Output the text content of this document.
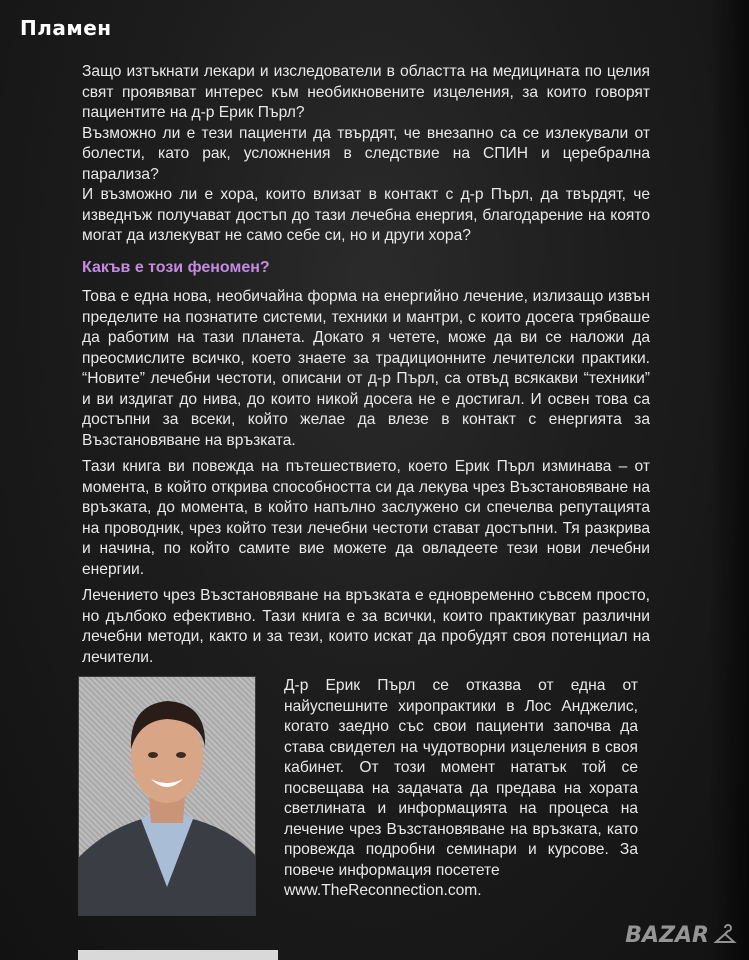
Пламен

Защо изтъкнати лекари и изследователи в областта на медицината по целия свят проявяват интерес към необикновените изцеления, за които говорят пациентите на д-р Ерик Пърл?

Възможно ли е тези пациенти да твърдят, че внезапно са се излекували от болести, като рак, усложнения в следствие на СПИН и церебрална парализа?

И възможно ли е хора, които влизат в контакт с д-р Пърл, да твърдят, че изведнъж получават достъп до тази лечебна енергия, благодарение на която могат да излекуват не само себе си, но и други хора?

Какъв е този феномен?

Това е една нова, необичайна форма на енергийно лечение, излизащо извън пределите на познатите системи, техники и мантри, с които досега трябваше да работим на тази планета. Докато я четете, може да ви се наложи да преосмислите всичко, което знаете за традиционните лечителски практики. “Новите” лечебни честоти, описани от д-р Пърл, са отвъд всякакви “техники” и ви издигат до нива, до които никой досега не е достигал. И освен това са достъпни за всеки, който желае да влезе в контакт с енергията за Възстановяване на връзката.

Тази книга ви повежда на пътешествието, което Ерик Пърл изминава – от момента, в който открива способността си да лекува чрез Възстановяване на връзката, до момента, в който напълно заслужено си спечелва репутацията на проводник, чрез който тези лечебни честоти стават достъпни. Тя разкрива и начина, по който самите вие можете да овладеете тези нови лечебни енергии.

Лечението чрез Възстановяване на връзката е едновременно съвсем просто, но дълбоко ефективно. Тази книга е за всички, които практикуват различни лечебни методи, както и за тези, които искат да пробудят своя потенциал на лечители.

Д-р Ерик Пърл се отказва от една от найуспешните хиропрактики в Лос Анджелис, когато заедно със свои пациенти започва да става свидетел на чудотворни изцеления в своя кабинет. От този момент нататък той се посвещава на задачата да предава на хората светлината и информацията на процеса на лечение чрез Възстановяване на връзката, като провежда подробни семинари и курсове. За повече информация посетете
www.TheReconnection.com.
BAZAR
